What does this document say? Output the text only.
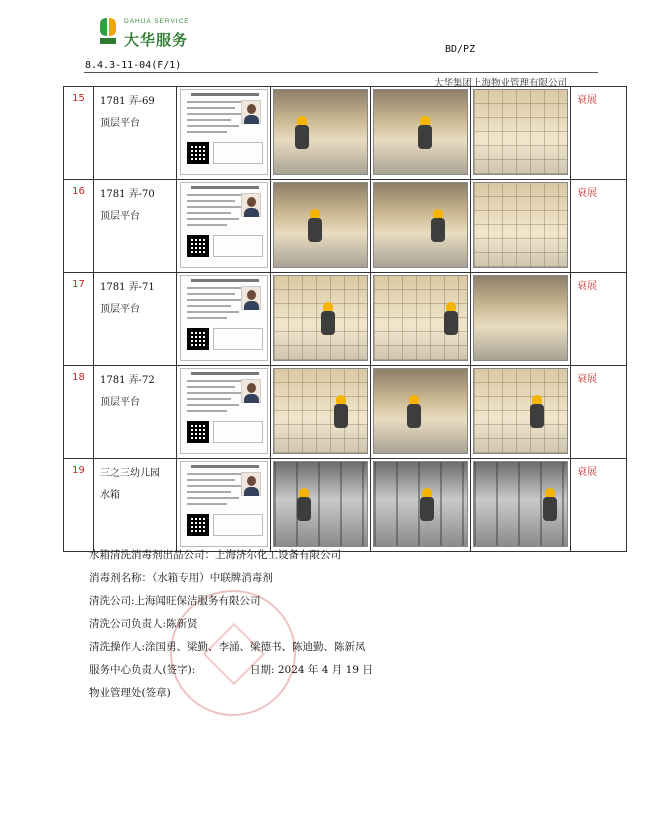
DAHUA SERVICE
大华服务
BD/PZ
8.4.3-11-04(F/1)
大华集团上海物业管理有限公司
15	1781 弄-69
顶层平台					衰展
16	1781 弄-70
顶层平台					衰展
17	1781 弄-71
顶层平台					衰展
18	1781 弄-72
顶层平台					衰展
19	三之三幼儿园
水箱					衰展
水箱清洗消毒剂出品公司：上海济尔化工设备有限公司
消毒剂名称：（水箱专用）中联牌消毒剂
清洗公司:上海闻旺保洁服务有限公司
清洗公司负责人:陈新贤
清洗操作人:涂国勇、梁勤、李涌、梁德书、陈迪勤、陈新凤
服务中心负责人(签字):	日期: 2024 年 4 月 19 日
物业管理处(签章)
